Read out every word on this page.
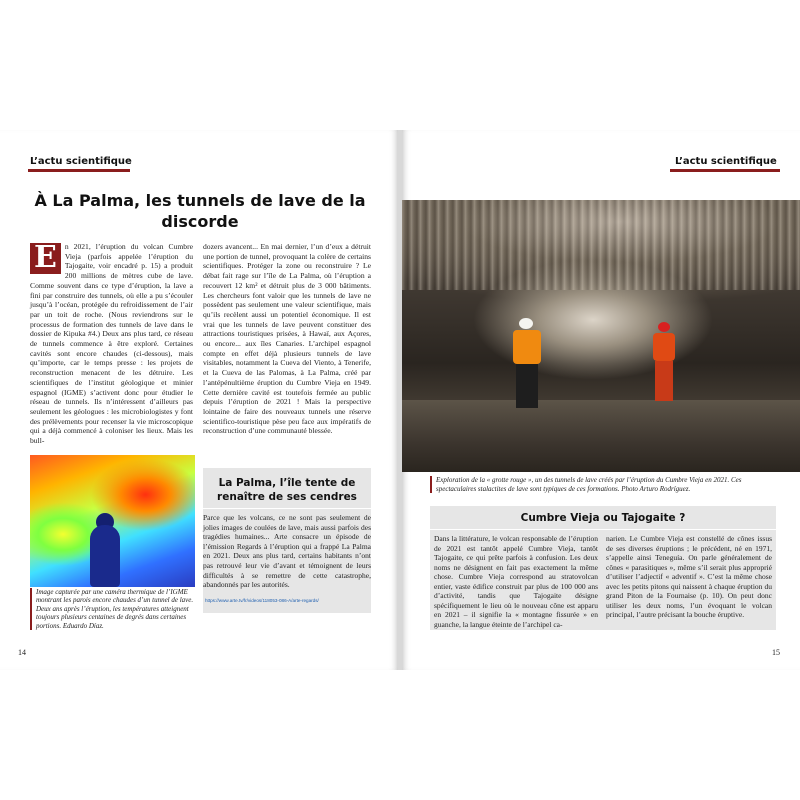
L’actu scientifique
À La Palma, les tunnels de lave de la discorde

E	n 2021, l’éruption du volcan Cumbre Vieja (parfois appelée l’éruption du Tajogaite, voir encadré p. 15) a produit 200 millions de mètres cube de lave. Comme souvent dans ce type d’éruption, la lave a fini par construire des tunnels, où elle a pu s’écouler jusqu’à l’océan, protégée du refroidissement de l’air par un toit de roche. (Nous reviendrons sur le processus de formation des tunnels de lave dans le dossier de Kipuka #4.) Deux ans plus tard, ce réseau de tunnels commence à être exploré. Certaines cavités sont encore chaudes (ci-dessous), mais qu’importe, car le temps presse : les projets de reconstruction menacent de les détruire. Les scientifiques de l’institut géologique et minier espagnol (IGME) s’activent donc pour étudier le réseau de tunnels. Ils n’intéressent d’ailleurs pas seulement les géologues : les microbiologistes y font des prélèvements pour recenser la vie microscopique qui a déjà commencé à coloniser les lieux. Mais les bull-

dozers avancent... En mai dernier, l’un d’eux a détruit une portion de tunnel, provoquant la colère de certains scientifiques. Protéger la zone ou reconstruire ? Le débat fait rage sur l’île de La Palma, où l’éruption a recouvert 12 km² et détruit plus de 3 000 bâtiments. Les chercheurs font valoir que les tunnels de lave ne possèdent pas seulement une valeur scientifique, mais qu’ils recèlent aussi un potentiel économique. Il est vrai que les tunnels de lave peuvent constituer des attractions touristiques prisées, à Hawaï, aux Açores, ou encore... aux îles Canaries. L’archipel espagnol compte en effet déjà plusieurs tunnels de lave visitables, notamment la Cueva del Viento, à Tenerife, et la Cueva de las Palomas, à La Palma, créé par l’antépénultième éruption du Cumbre Vieja en 1949. Cette dernière cavité est toutefois fermée au public depuis l’éruption de 2021 ! Mais la perspective lointaine de faire des nouveaux tunnels une réserve scientifico-touristique pèse peu face aux impératifs de reconstruction d’une communauté blessée.

Image capturée par une caméra thermique de l’IGME montrant les parois encore chaudes d’un tunnel de lave. Deux ans après l’éruption, les températures atteignent toujours plusieurs centaines de degrés dans certaines portions. Eduardo Díaz.
La Palma, l’île tente de renaître de ses cendres
Parce que les volcans, ce ne sont pas seulement de jolies images de coulées de lave, mais aussi parfois des tragédies humaines... Arte consacre un épisode de l’émission Regards à l’éruption qui a frappé La Palma en 2021. Deux ans plus tard, certains habitants n’ont pas retrouvé leur vie d’avant et témoignent de leurs difficultés à se remettre de cette catastrophe, abandonnés par les autorités.
https://www.arte.tv/fr/videos/118053-086-A/arte-regards/
14
L’actu scientifique
Exploration de la « grotte rouge », un des tunnels de lave créés par l’éruption du Cumbre Vieja en 2021. Ces spectaculaires stalactites de lave sont typiques de ces formations. Photo Arturo Rodríguez.
Cumbre Vieja ou Tajogaite ?
Dans la littérature, le volcan responsable de l’éruption de 2021 est tantôt appelé Cumbre Vieja, tantôt Tajogaite, ce qui prête parfois à confusion. Les deux noms ne désignent en fait pas exactement la même chose. Cumbre Vieja correspond au stratovolcan entier, vaste édifice construit par plus de 100 000 ans d’activité, tandis que Tajogaite désigne spécifiquement le lieu où le nouveau cône est apparu en 2021 – il signifie la « montagne fissurée » en guanche, la langue éteinte de l’archipel ca-
narien. Le Cumbre Vieja est constellé de cônes issus de ses diverses éruptions ; le précédent, né en 1971, s’appelle ainsi Teneguía. On parle généralement de cônes « parasitiques », même s’il serait plus approprié d’utiliser l’adjectif « adventif ». C’est la même chose avec les petits pitons qui naissent à chaque éruption du grand Piton de la Fournaise (p. 10). On peut donc utiliser les deux noms, l’un évoquant le volcan principal, l’autre précisant la bouche éruptive.
15
